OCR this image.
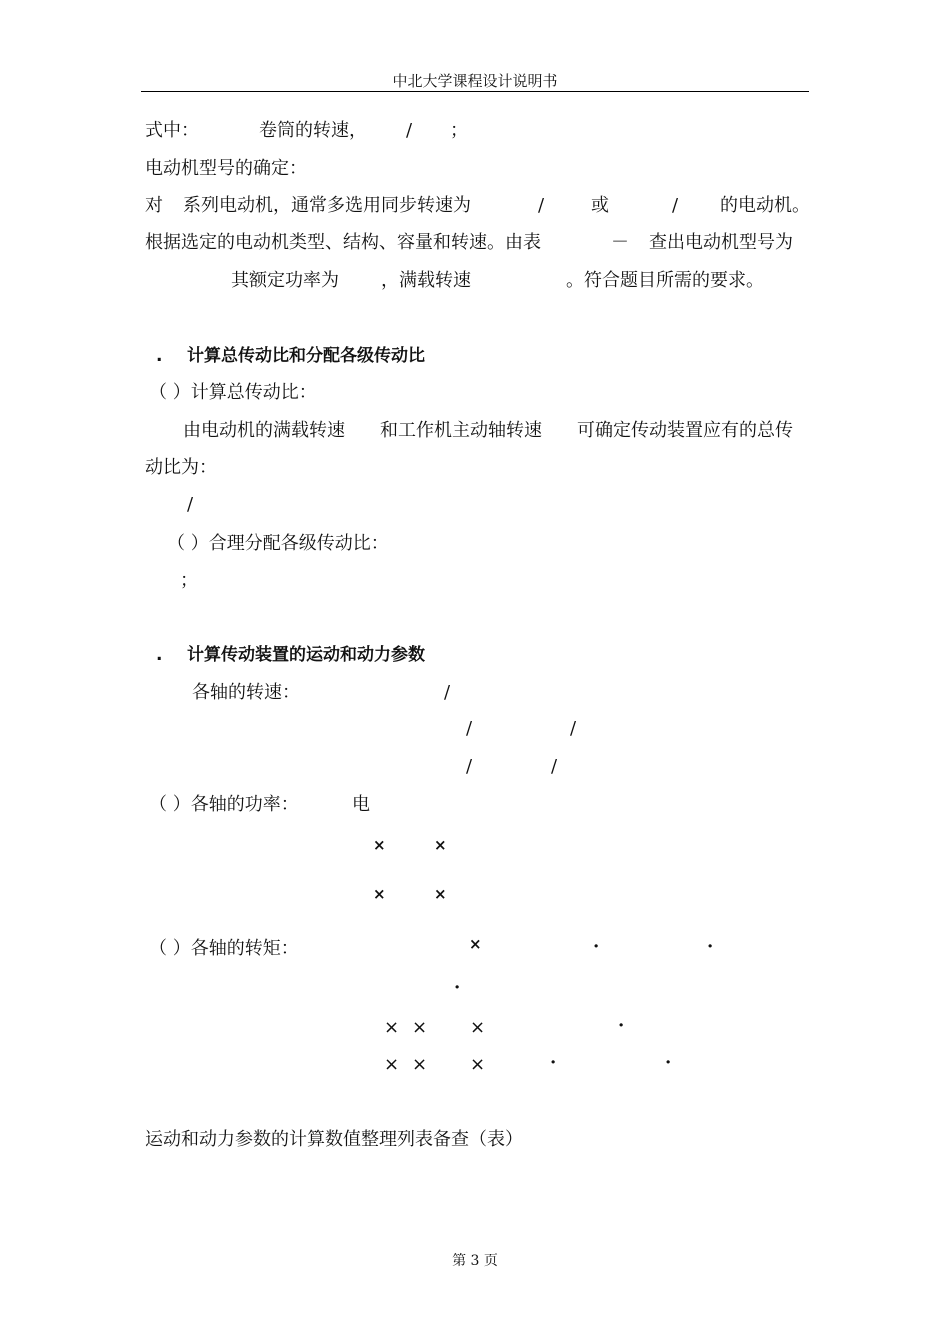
中北大学课程设计说明书
式中：	卷筒的转速， / ；
电动机型号的确定：
对 系列电动机，通常多选用同步转速为	/	或	/ 的电动机。
根据选定的电动机类型、结构、容量和转速。由表	－ 查出电动机型号为
其额定功率为 ，满载转速	。符合题目所需的要求。
. 计算总传动比和分配各级传动比
（ ）计算总传动比：
由电动机的满载转速 和工作机主动轴转速 可确定传动装置应有的总传
动比为：
/
（ ）合理分配各级传动比：
；
. 计算传动装置的运动和动力参数
各轴的转速：	/
/	/
/	/
（ ）各轴的功率：	电
×	×
×	×
（ ）各轴的转矩：	×	·	·
·
× × ×	·
× × ×	·	·
运动和动力参数的计算数值整理列表备查（表）
第 3 页
